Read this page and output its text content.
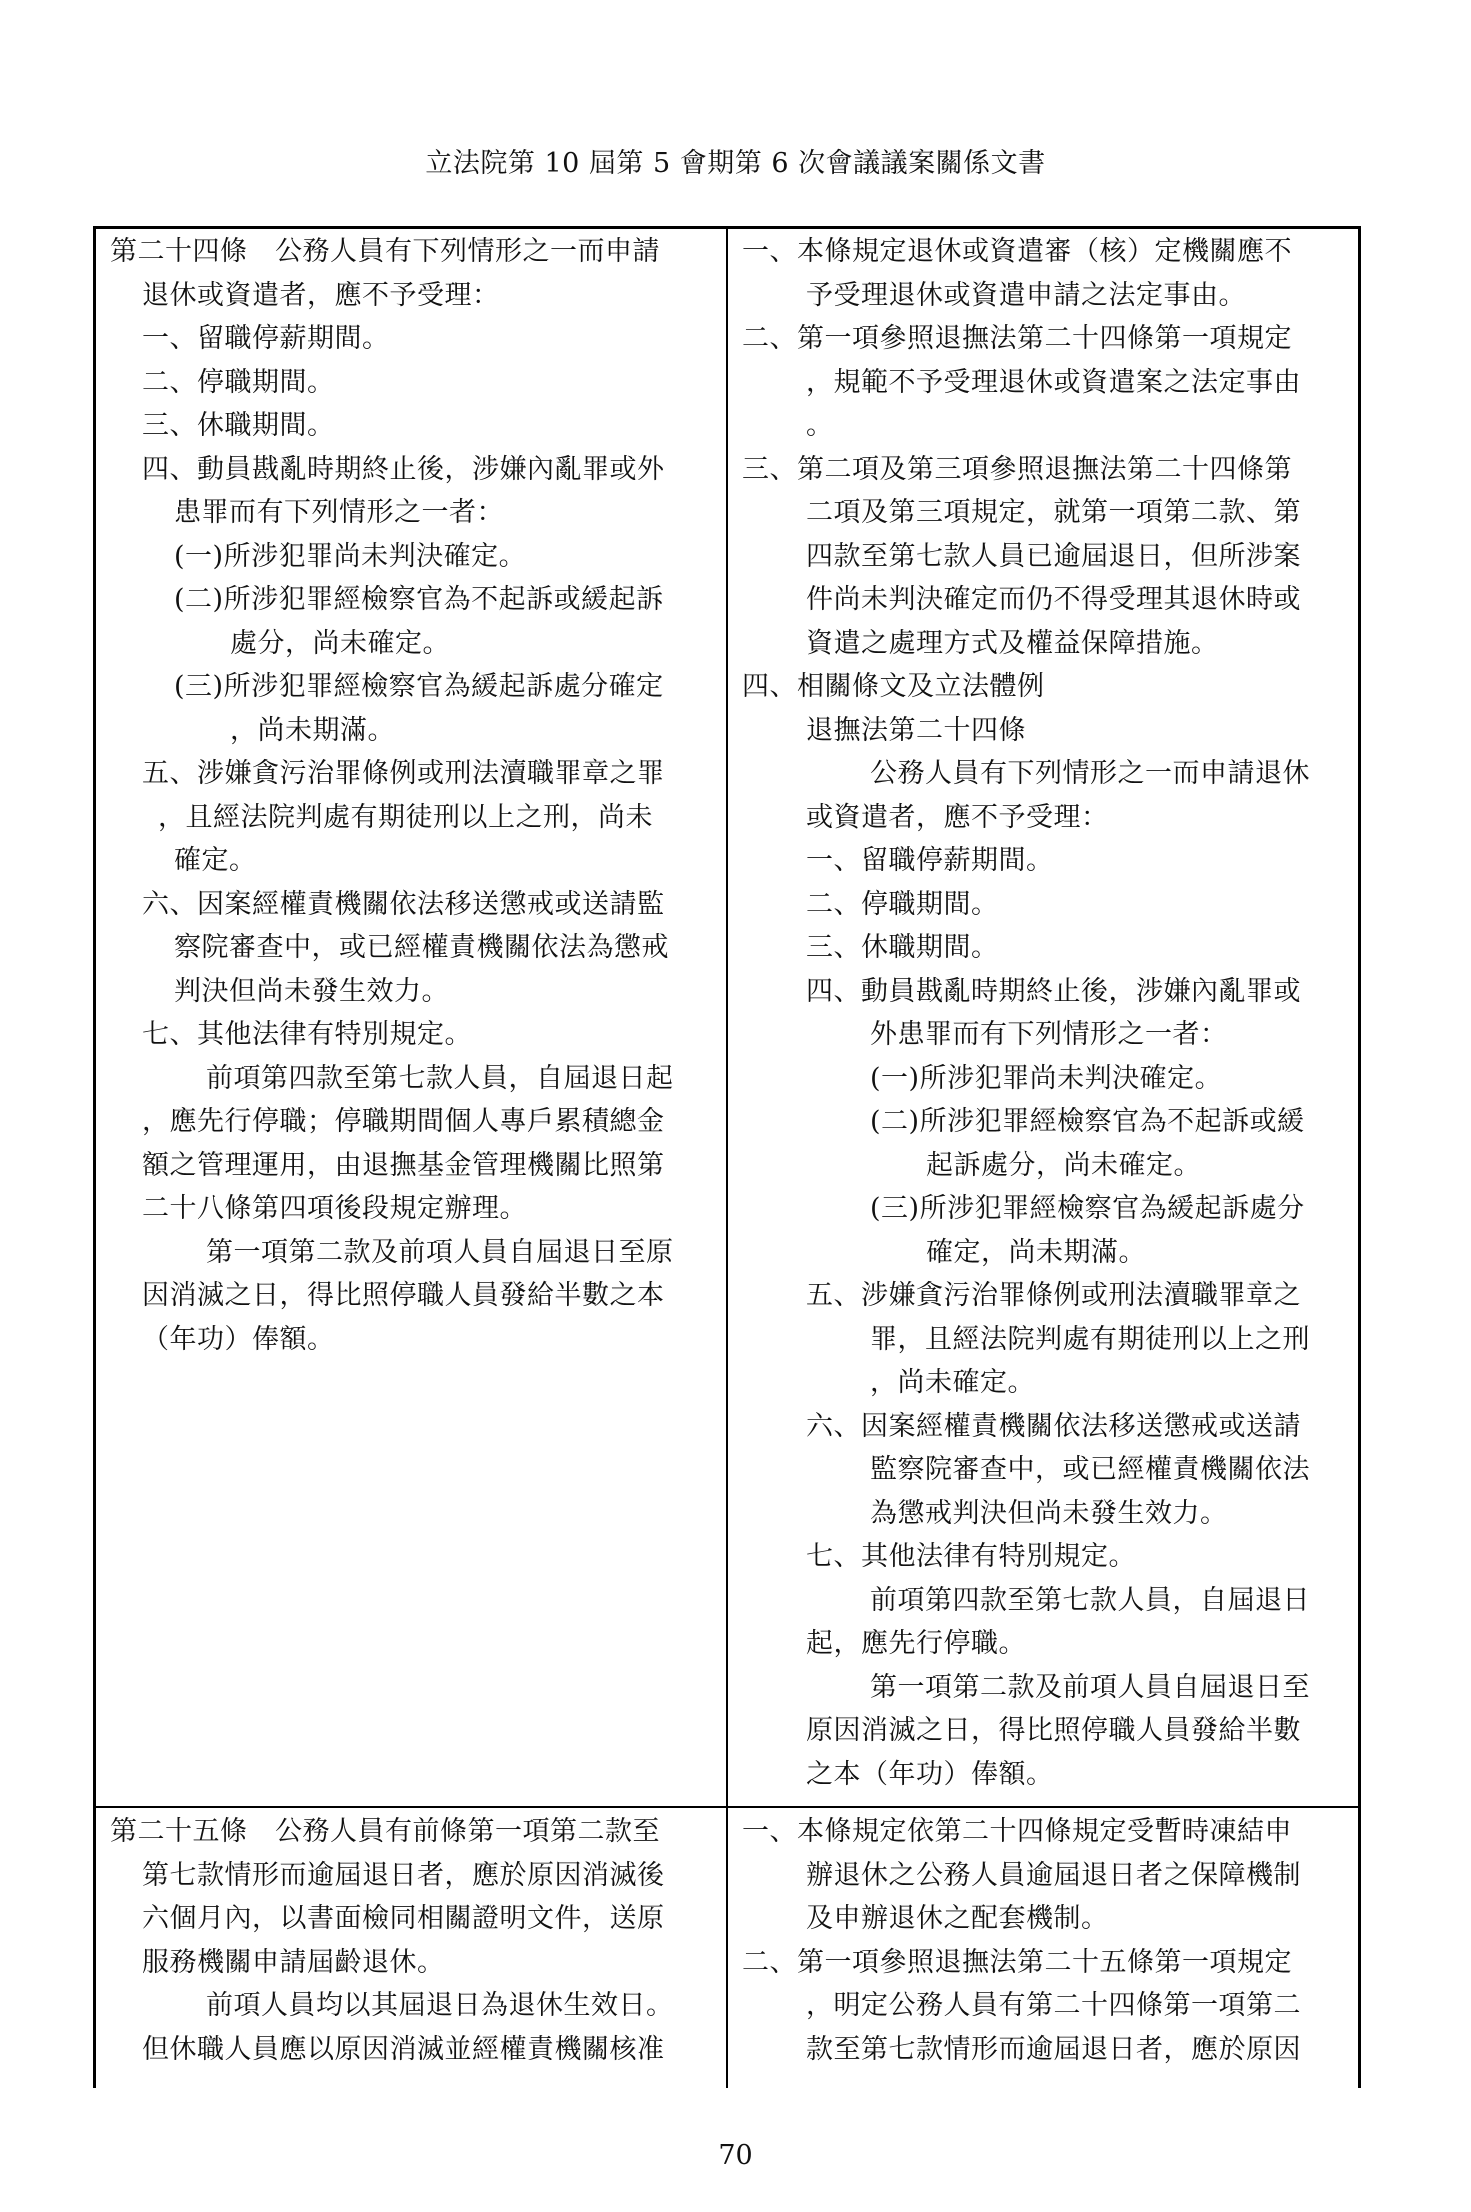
立法院第 10 屆第 5 會期第 6 次會議議案關係文書

第二十四條　公務人員有下列情形之一而申請

退休或資遣者，應不予受理：

一、留職停薪期間。

二、停職期間。

三、休職期間。

四、動員戡亂時期終止後，涉嫌內亂罪或外

患罪而有下列情形之一者：

(一)所涉犯罪尚未判決確定。

(二)所涉犯罪經檢察官為不起訴或緩起訴

處分，尚未確定。

(三)所涉犯罪經檢察官為緩起訴處分確定

，尚未期滿。

五、涉嫌貪污治罪條例或刑法瀆職罪章之罪

，且經法院判處有期徒刑以上之刑，尚未

確定。

六、因案經權責機關依法移送懲戒或送請監

察院審查中，或已經權責機關依法為懲戒

判決但尚未發生效力。

七、其他法律有特別規定。

前項第四款至第七款人員，自屆退日起

，應先行停職；停職期間個人專戶累積總金

額之管理運用，由退撫基金管理機關比照第

二十八條第四項後段規定辦理。

第一項第二款及前項人員自屆退日至原

因消滅之日，得比照停職人員發給半數之本

（年功）俸額。

一、本條規定退休或資遣審（核）定機關應不

予受理退休或資遣申請之法定事由。

二、第一項參照退撫法第二十四條第一項規定

，規範不予受理退休或資遣案之法定事由

。

三、第二項及第三項參照退撫法第二十四條第

二項及第三項規定，就第一項第二款、第

四款至第七款人員已逾屆退日，但所涉案

件尚未判決確定而仍不得受理其退休時或

資遣之處理方式及權益保障措施。

四、相關條文及立法體例

退撫法第二十四條

公務人員有下列情形之一而申請退休

或資遣者，應不予受理：

一、留職停薪期間。

二、停職期間。

三、休職期間。

四、動員戡亂時期終止後，涉嫌內亂罪或

外患罪而有下列情形之一者：

(一)所涉犯罪尚未判決確定。

(二)所涉犯罪經檢察官為不起訴或緩

起訴處分，尚未確定。

(三)所涉犯罪經檢察官為緩起訴處分

確定，尚未期滿。

五、涉嫌貪污治罪條例或刑法瀆職罪章之

罪，且經法院判處有期徒刑以上之刑

，尚未確定。

六、因案經權責機關依法移送懲戒或送請

監察院審查中，或已經權責機關依法

為懲戒判決但尚未發生效力。

七、其他法律有特別規定。

前項第四款至第七款人員，自屆退日

起，應先行停職。

第一項第二款及前項人員自屆退日至

原因消滅之日，得比照停職人員發給半數

之本（年功）俸額。

第二十五條　公務人員有前條第一項第二款至

第七款情形而逾屆退日者，應於原因消滅後

六個月內，以書面檢同相關證明文件，送原

服務機關申請屆齡退休。

前項人員均以其屆退日為退休生效日。

但休職人員應以原因消滅並經權責機關核准

一、本條規定依第二十四條規定受暫時凍結申

辦退休之公務人員逾屆退日者之保障機制

及申辦退休之配套機制。

二、第一項參照退撫法第二十五條第一項規定

，明定公務人員有第二十四條第一項第二

款至第七款情形而逾屆退日者，應於原因

70
